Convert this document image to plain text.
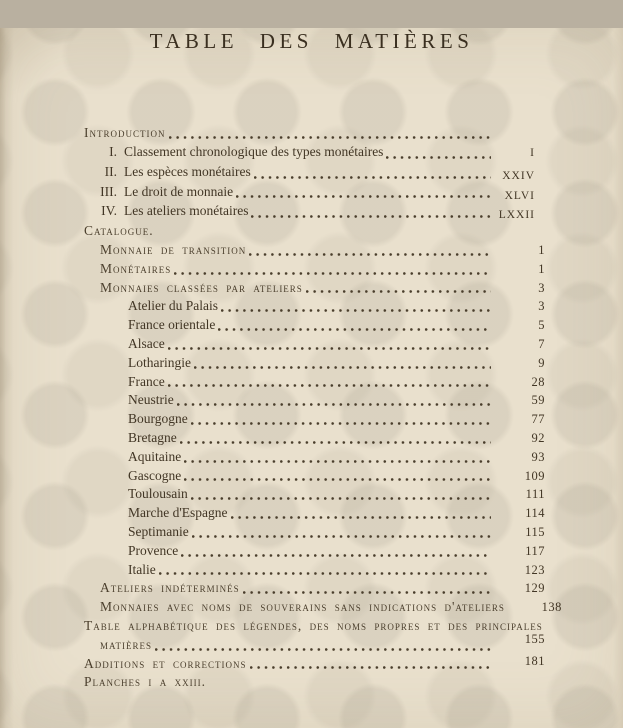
TABLE DES MATIÈRES
Introduction
I. Classement chronologique des types monétaires	I
II. Les espèces monétaires	XXIV
III. Le droit de monnaie	XLVI
IV. Les ateliers monétaires	LXXII
Catalogue.
Monnaie de transition	1
Monétaires	1
Monnaies classées par ateliers	3
Atelier du Palais	3
France orientale	5
Alsace	7
Lotharingie	9
France	28
Neustrie	59
Bourgogne	77
Bretagne	92
Aquitaine	93
Gascogne	109
Toulousain	111
Marche d'Espagne	114
Septimanie	115
Provence	117
Italie	123
Ateliers indéterminés	129
Monnaies avec noms de souverains sans indications d'ateliers	138
Table alphabétique des légendes, des noms propres et des principales
matières	155
Additions et corrections	181
Planches i a xxiii.
